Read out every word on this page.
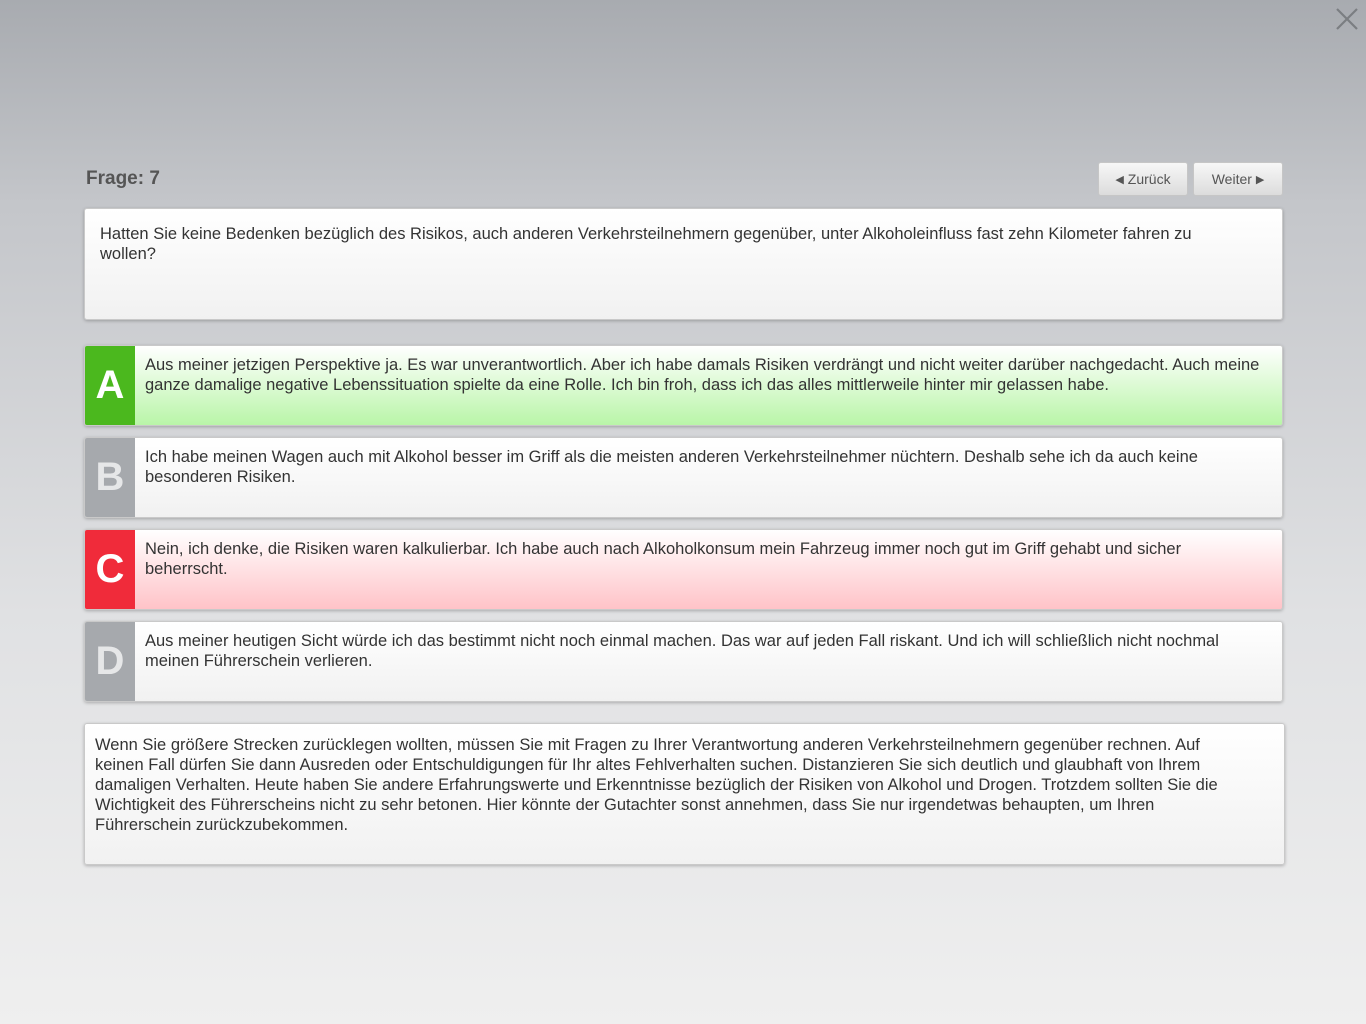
Frage: 7	◀
Zurück	Weiter
▶
Hatten Sie keine Bedenken bezüglich des Risikos, auch anderen Verkehrsteilnehmern gegenüber, unter Alkoholeinfluss fast zehn Kilometer fahren zu wollen?
A	Aus meiner jetzigen Perspektive ja. Es war unverantwortlich. Aber ich habe damals Risiken verdrängt und nicht weiter darüber nachgedacht. Auch meine ganze damalige negative Lebenssituation spielte da eine Rolle. Ich bin froh, dass ich das alles mittlerweile hinter mir gelassen habe.
B	Ich habe meinen Wagen auch mit Alkohol besser im Griff als die meisten anderen Verkehrsteilnehmer nüchtern. Deshalb sehe ich da auch keine besonderen Risiken.
C	Nein, ich denke, die Risiken waren kalkulierbar. Ich habe auch nach Alkoholkonsum mein Fahrzeug immer noch gut im Griff gehabt und sicher beherrscht.
D	Aus meiner heutigen Sicht würde ich das bestimmt nicht noch einmal machen. Das war auf jeden Fall riskant. Und ich will schließlich nicht nochmal meinen Führerschein verlieren.
Wenn Sie größere Strecken zurücklegen wollten, müssen Sie mit Fragen zu Ihrer Verantwortung anderen Verkehrsteilnehmern gegenüber rechnen. Auf keinen Fall dürfen Sie dann Ausreden oder Entschuldigungen für Ihr altes Fehlverhalten suchen. Distanzieren Sie sich deutlich und glaubhaft von Ihrem damaligen Verhalten. Heute haben Sie andere Erfahrungswerte und Erkenntnisse bezüglich der Risiken von Alkohol und Drogen. Trotzdem sollten Sie die Wichtigkeit des Führerscheins nicht zu sehr betonen. Hier könnte der Gutachter sonst annehmen, dass Sie nur irgendetwas behaupten, um Ihren Führerschein zurückzubekommen.
